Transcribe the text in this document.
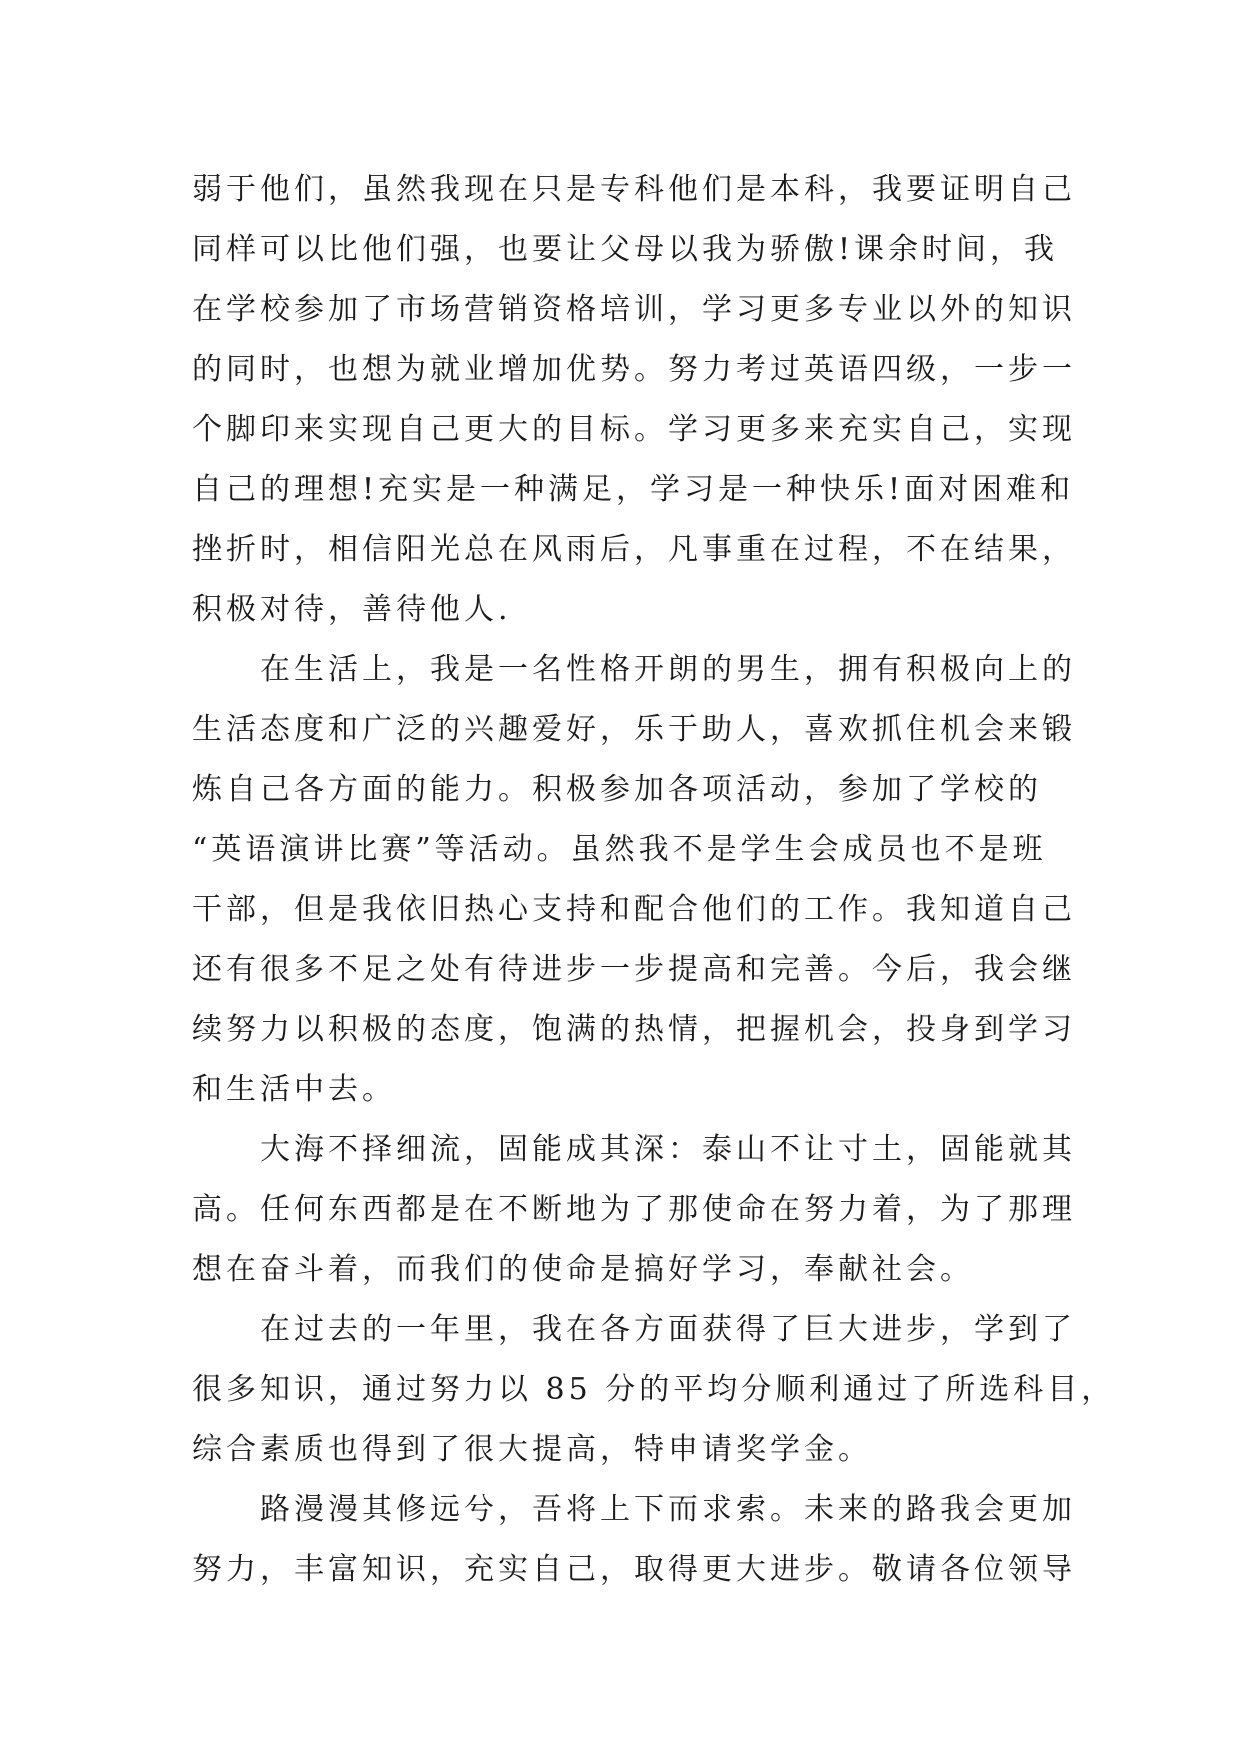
弱于他们，虽然我现在只是专科他们是本科，我要证明自己
同样可以比他们强，也要让父母以我为骄傲!课余时间，我
在学校参加了市场营销资格培训，学习更多专业以外的知识
的同时，也想为就业增加优势。努力考过英语四级，一步一
个脚印来实现自己更大的目标。学习更多来充实自己，实现
自己的理想!充实是一种满足，学习是一种快乐!面对困难和
挫折时，相信阳光总在风雨后，凡事重在过程，不在结果，
积极对待，善待他人.
在生活上，我是一名性格开朗的男生，拥有积极向上的
生活态度和广泛的兴趣爱好，乐于助人，喜欢抓住机会来锻
炼自己各方面的能力。积极参加各项活动，参加了学校的
“英语演讲比赛”等活动。虽然我不是学生会成员也不是班
干部，但是我依旧热心支持和配合他们的工作。我知道自己
还有很多不足之处有待进步一步提高和完善。今后，我会继
续努力以积极的态度，饱满的热情，把握机会，投身到学习
和生活中去。
大海不择细流，固能成其深：泰山不让寸土，固能就其
高。任何东西都是在不断地为了那使命在努力着，为了那理
想在奋斗着，而我们的使命是搞好学习，奉献社会。
在过去的一年里，我在各方面获得了巨大进步，学到了
很多知识，通过努力以 85 分的平均分顺利通过了所选科目，
综合素质也得到了很大提高，特申请奖学金。
路漫漫其修远兮，吾将上下而求索。未来的路我会更加
努力，丰富知识，充实自己，取得更大进步。敬请各位领导
